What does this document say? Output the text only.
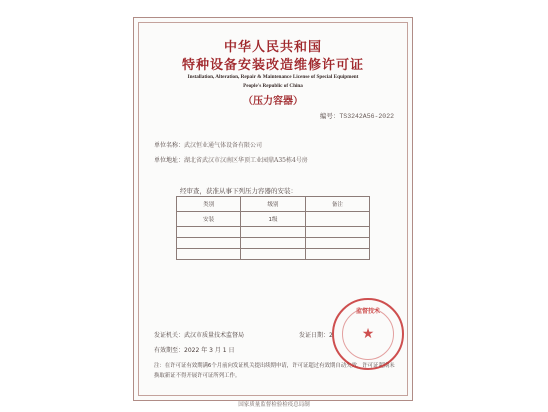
中华人民共和国
特种设备安装改造维修许可证
Installation, Alteration, Repair & Maintenance License of Special Equipment
People's Republic of China
（压力容器）
编号：TS3242A56-2022
单位名称：武汉恒业通气体设备有限公司
单位地址：湖北省武汉市汉南区华顶工业园鼎A35栋4号房
经审查，获准从事下列压力容器的安装：
类别	级别	备注
安装	1级	

发证机关：武汉市质量技术监督局	发证日期：2
有效期至：2022 年 3 月 1 日
注：在许可证有效期满6个月前向发证机关提出续期申请，许可证超过有效期自动失效，许可证超期未换取新证不得开展许可证所列工作。
监督技术
★
国家质量监督检验检疫总局制
